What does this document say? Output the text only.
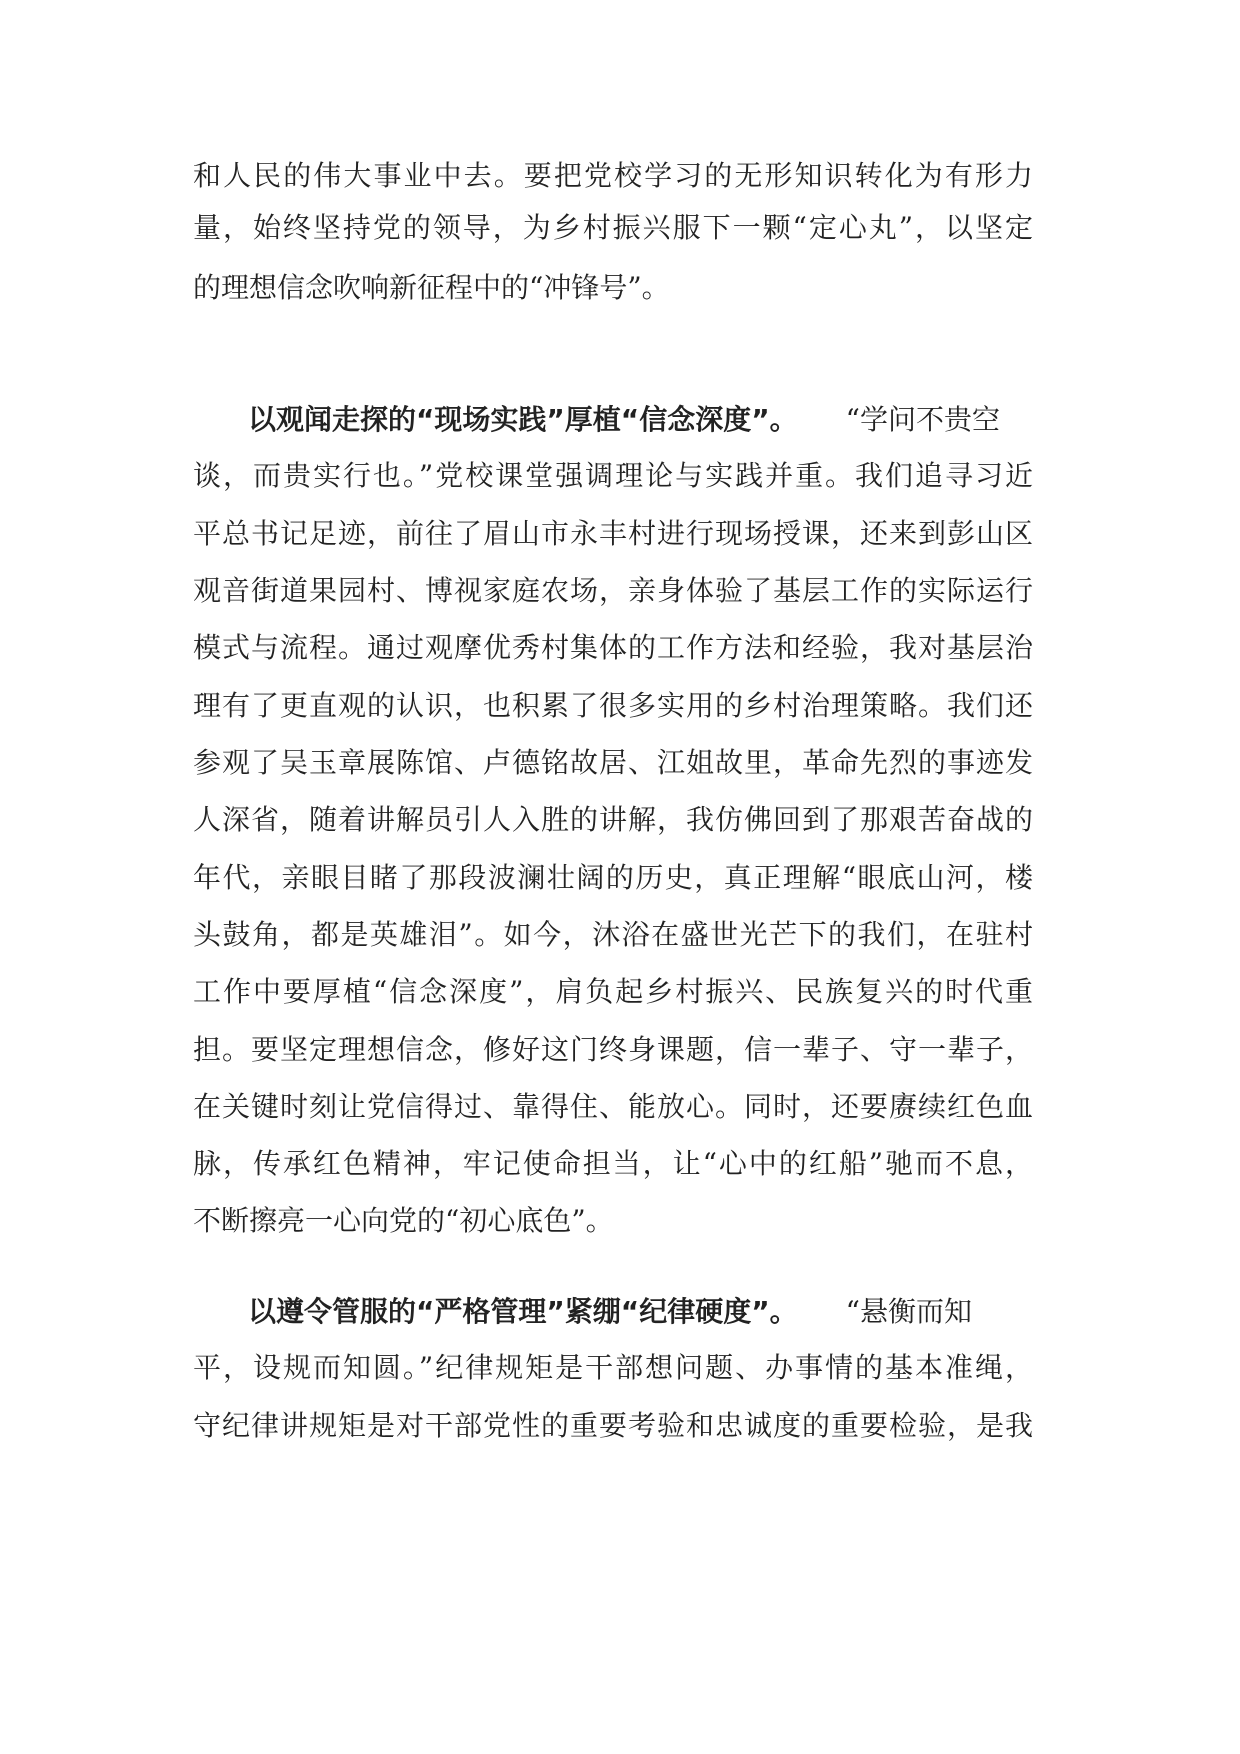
和人民的伟大事业中去。要把党校学习的无形知识转化为有形力
量，始终坚持党的领导，为乡村振兴服下一颗“定心丸”，以坚定
的理想信念吹响新征程中的“冲锋号”。
以观闻走探的“现场实践”厚植“信念深度”。 “学问不贵空
谈，而贵实行也。”党校课堂强调理论与实践并重。我们追寻习近
平总书记足迹，前往了眉山市永丰村进行现场授课，还来到彭山区
观音街道果园村、博视家庭农场，亲身体验了基层工作的实际运行
模式与流程。通过观摩优秀村集体的工作方法和经验，我对基层治
理有了更直观的认识，也积累了很多实用的乡村治理策略。我们还
参观了吴玉章展陈馆、卢德铭故居、江姐故里，革命先烈的事迹发
人深省，随着讲解员引人入胜的讲解，我仿佛回到了那艰苦奋战的
年代，亲眼目睹了那段波澜壮阔的历史，真正理解“眼底山河，楼
头鼓角，都是英雄泪”。如今，沐浴在盛世光芒下的我们，在驻村
工作中要厚植“信念深度”，肩负起乡村振兴、民族复兴的时代重
担。要坚定理想信念，修好这门终身课题，信一辈子、守一辈子，
在关键时刻让党信得过、靠得住、能放心。同时，还要赓续红色血
脉，传承红色精神，牢记使命担当，让“心中的红船”驰而不息，
不断擦亮一心向党的“初心底色”。
以遵令管服的“严格管理”紧绷“纪律硬度”。 “悬衡而知
平，设规而知圆。”纪律规矩是干部想问题、办事情的基本准绳，
守纪律讲规矩是对干部党性的重要考验和忠诚度的重要检验，是我
